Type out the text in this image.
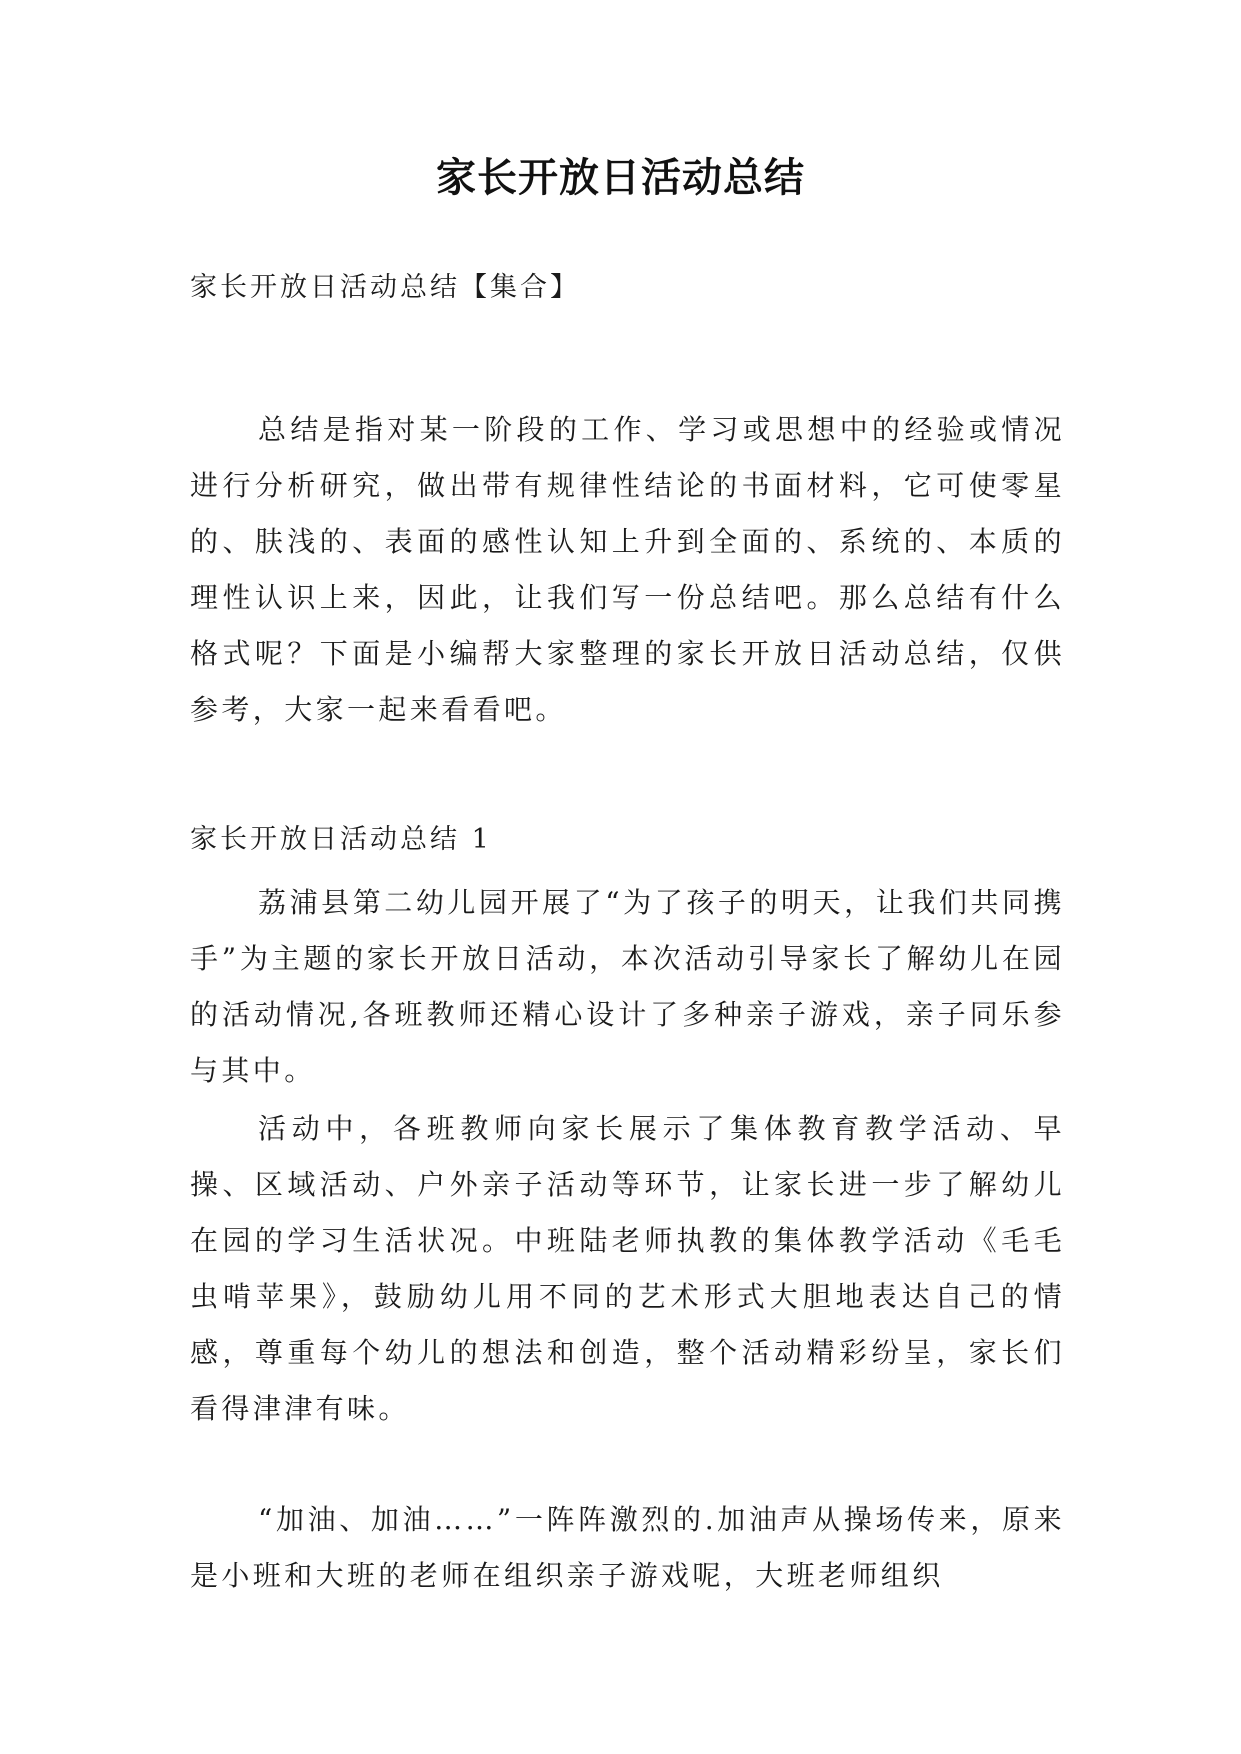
家长开放日活动总结
家长开放日活动总结【集合】

总结是指对某一阶段的工作、学习或思想中的经验或情况进行分析研究，做出带有规律性结论的书面材料，它可使零星的、肤浅的、表面的感性认知上升到全面的、系统的、本质的理性认识上来，因此，让我们写一份总结吧。那么总结有什么格式呢？下面是小编帮大家整理的家长开放日活动总结，仅供参考，大家一起来看看吧。

家长开放日活动总结 1

荔浦县第二幼儿园开展了“为了孩子的明天，让我们共同携手”为主题的家长开放日活动，本次活动引导家长了解幼儿在园的活动情况,各班教师还精心设计了多种亲子游戏，亲子同乐参与其中。

活动中，各班教师向家长展示了集体教育教学活动、早操、区域活动、户外亲子活动等环节，让家长进一步了解幼儿在园的学习生活状况。中班陆老师执教的集体教学活动《毛毛虫啃苹果》，鼓励幼儿用不同的艺术形式大胆地表达自己的情感，尊重每个幼儿的想法和创造，整个活动精彩纷呈，家长们看得津津有味。

“加油、加油……”一阵阵激烈的.加油声从操场传来，原来是小班和大班的老师在组织亲子游戏呢，大班老师组织
